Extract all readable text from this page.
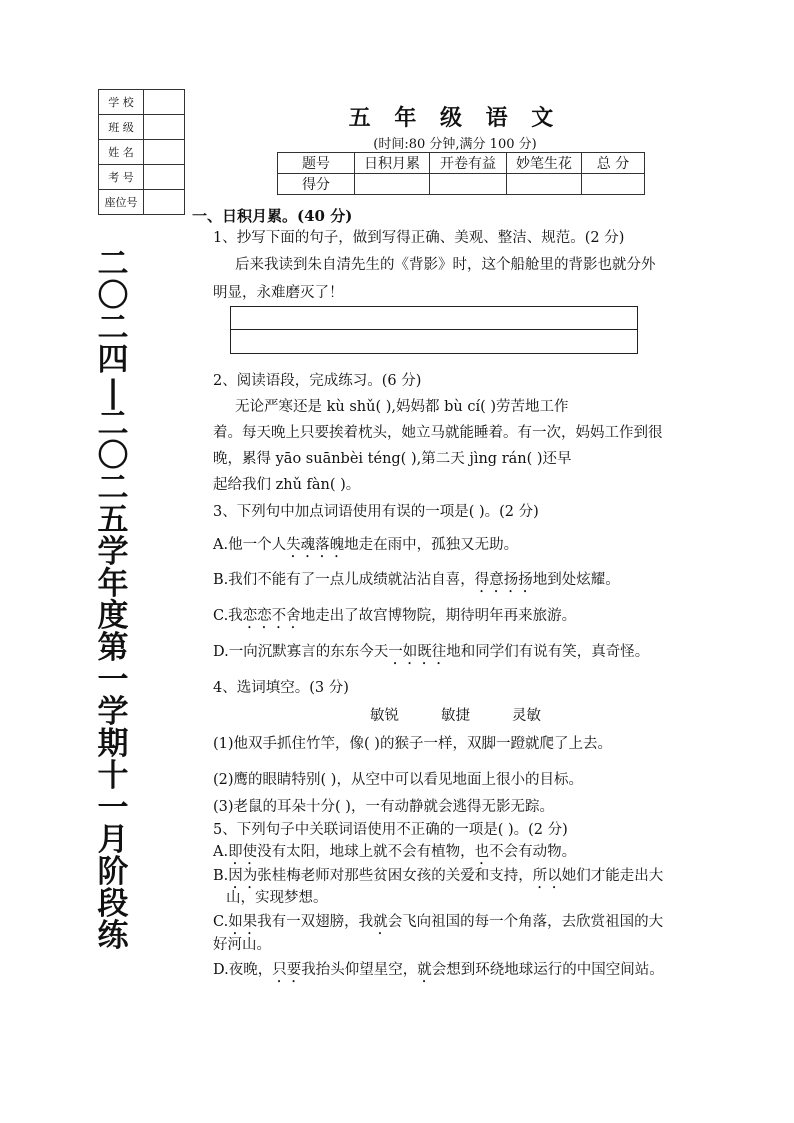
学 校	
班 级	
姓 名	
考 号	
座位号	
二
〇
二
四
|
二
〇
二
五
学
年
度
第
一
学
期
十
一
月
阶
段
练
五 年 级 语 文
(时间:80 分钟,满分 100 分)
题号	日积月累	开卷有益	妙笔生花	总 分
得分				
一、日积月累。(40 分)
1、抄写下面的句子，做到写得正确、美观、整洁、规范。(2 分)
后来我读到朱自清先生的《背影》时，这个船舱里的背影也就分外
明显，永难磨灭了！
2、阅读语段，完成练习。(6 分)
无论严寒还是 kù shǔ( ),妈妈都 bù cí( )劳苦地工作
着。每天晚上只要挨着枕头，她立马就能睡着。有一次，妈妈工作到很
晚，累得 yāo suānbèi téng( ),第二天 jìng rán( )还早
起给我们 zhǔ fàn( )。
3、下列句中加点词语使用有误的一项是( )。(2 分)
A.他一个人失魂落魄地走在雨中，孤独又无助。
B.我们不能有了一点儿成绩就沾沾自喜，得意扬扬地到处炫耀。
C.我恋恋不舍地走出了故宫博物院，期待明年再来旅游。
D.一向沉默寡言的东东今天一如既往地和同学们有说有笑，真奇怪。
4、选词填空。(3 分)
敏锐	敏捷	灵敏
(1)他双手抓住竹竿，像( )的猴子一样，双脚一蹬就爬了上去。
(2)鹰的眼睛特别( )，从空中可以看见地面上很小的目标。
(3)老鼠的耳朵十分( )，一有动静就会逃得无影无踪。
5、下列句子中关联词语使用不正确的一项是( )。(2 分)
A.即使没有太阳，地球上就不会有植物，也不会有动物。
B.因为张桂梅老师对那些贫困女孩的关爱和支持，所以她们才能走出大
山，实现梦想。
C.如果我有一双翅膀，我就会飞向祖国的每一个角落，去欣赏祖国的大
好河山。
D.夜晚，只要我抬头仰望星空，就会想到环绕地球运行的中国空间站。
